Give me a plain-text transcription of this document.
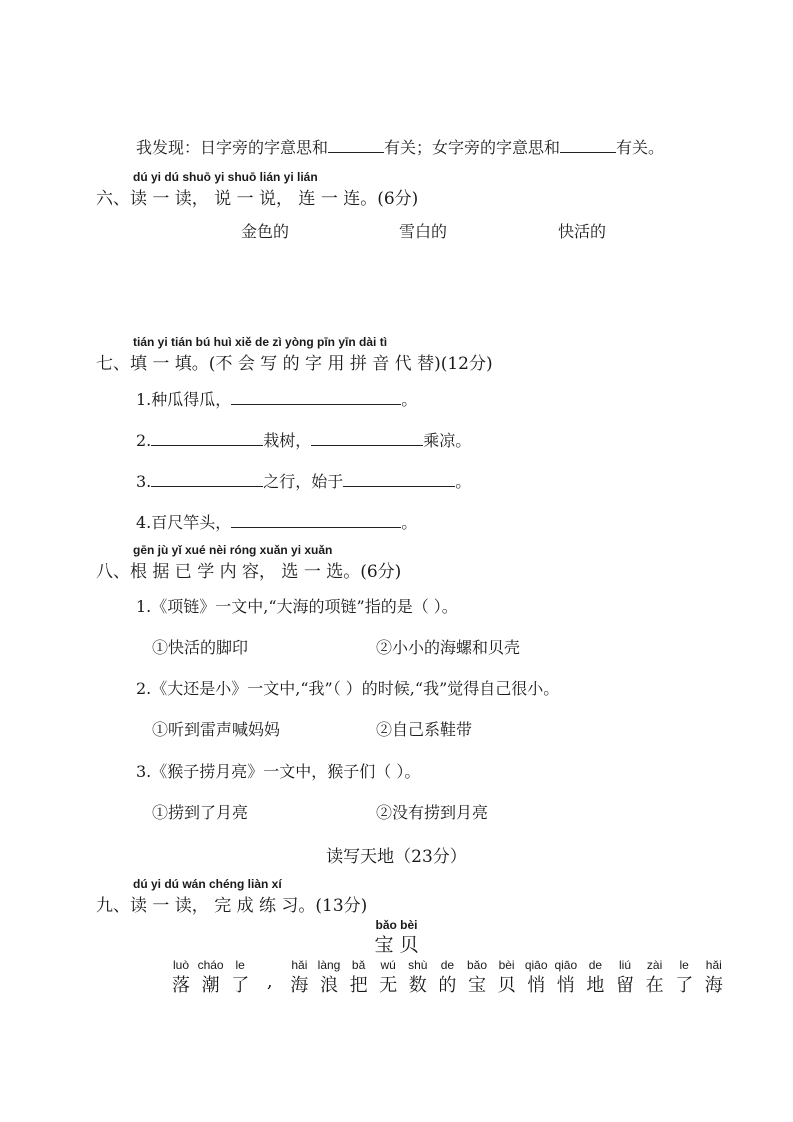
我发现：日字旁的字意思和	有关；女字旁的字意思和	有关。
dú yi dú shuō yi shuō lián yi lián
六、读 一 读， 说 一 说， 连 一 连。(6分)
金色的	雪白的	快活的
tián yi tián bú huì xiě de zì yòng pīn yīn dài tì
七、填 一 填。(不 会 写 的 字 用 拼 音 代 替)(12分)
1.种瓜得瓜，	。
2.	栽树，	乘凉。
3.	之行，始于	。
4.百尺竿头，	。
gēn jù yǐ xué nèi róng xuǎn yi xuǎn
八、根 据 已 学 内 容， 选 一 选。(6分)
1.《项链》一文中,“大海的项链”指的是（ ）。
①快活的脚印	②小小的海螺和贝壳
2.《大还是小》一文中,“我”（ ）的时候,“我”觉得自己很小。
①听到雷声喊妈妈	②自己系鞋带
3.《猴子捞月亮》一文中，猴子们（ ）。
①捞到了月亮	②没有捞到月亮
读写天地（23分）
dú yi dú wán chéng liàn xí
九、读 一 读， 完 成 练 习。(13分)
bǎo bèi
宝 贝
落
luò
潮
cháo
了
le
, 海
hǎi
浪
làng
把
bǎ
无
wú
数
shù
的
de
宝
bǎo
贝
bèi
悄
qiāo
悄
qiāo
地
de
留
liú
在
zài
了
le
海
hǎi
